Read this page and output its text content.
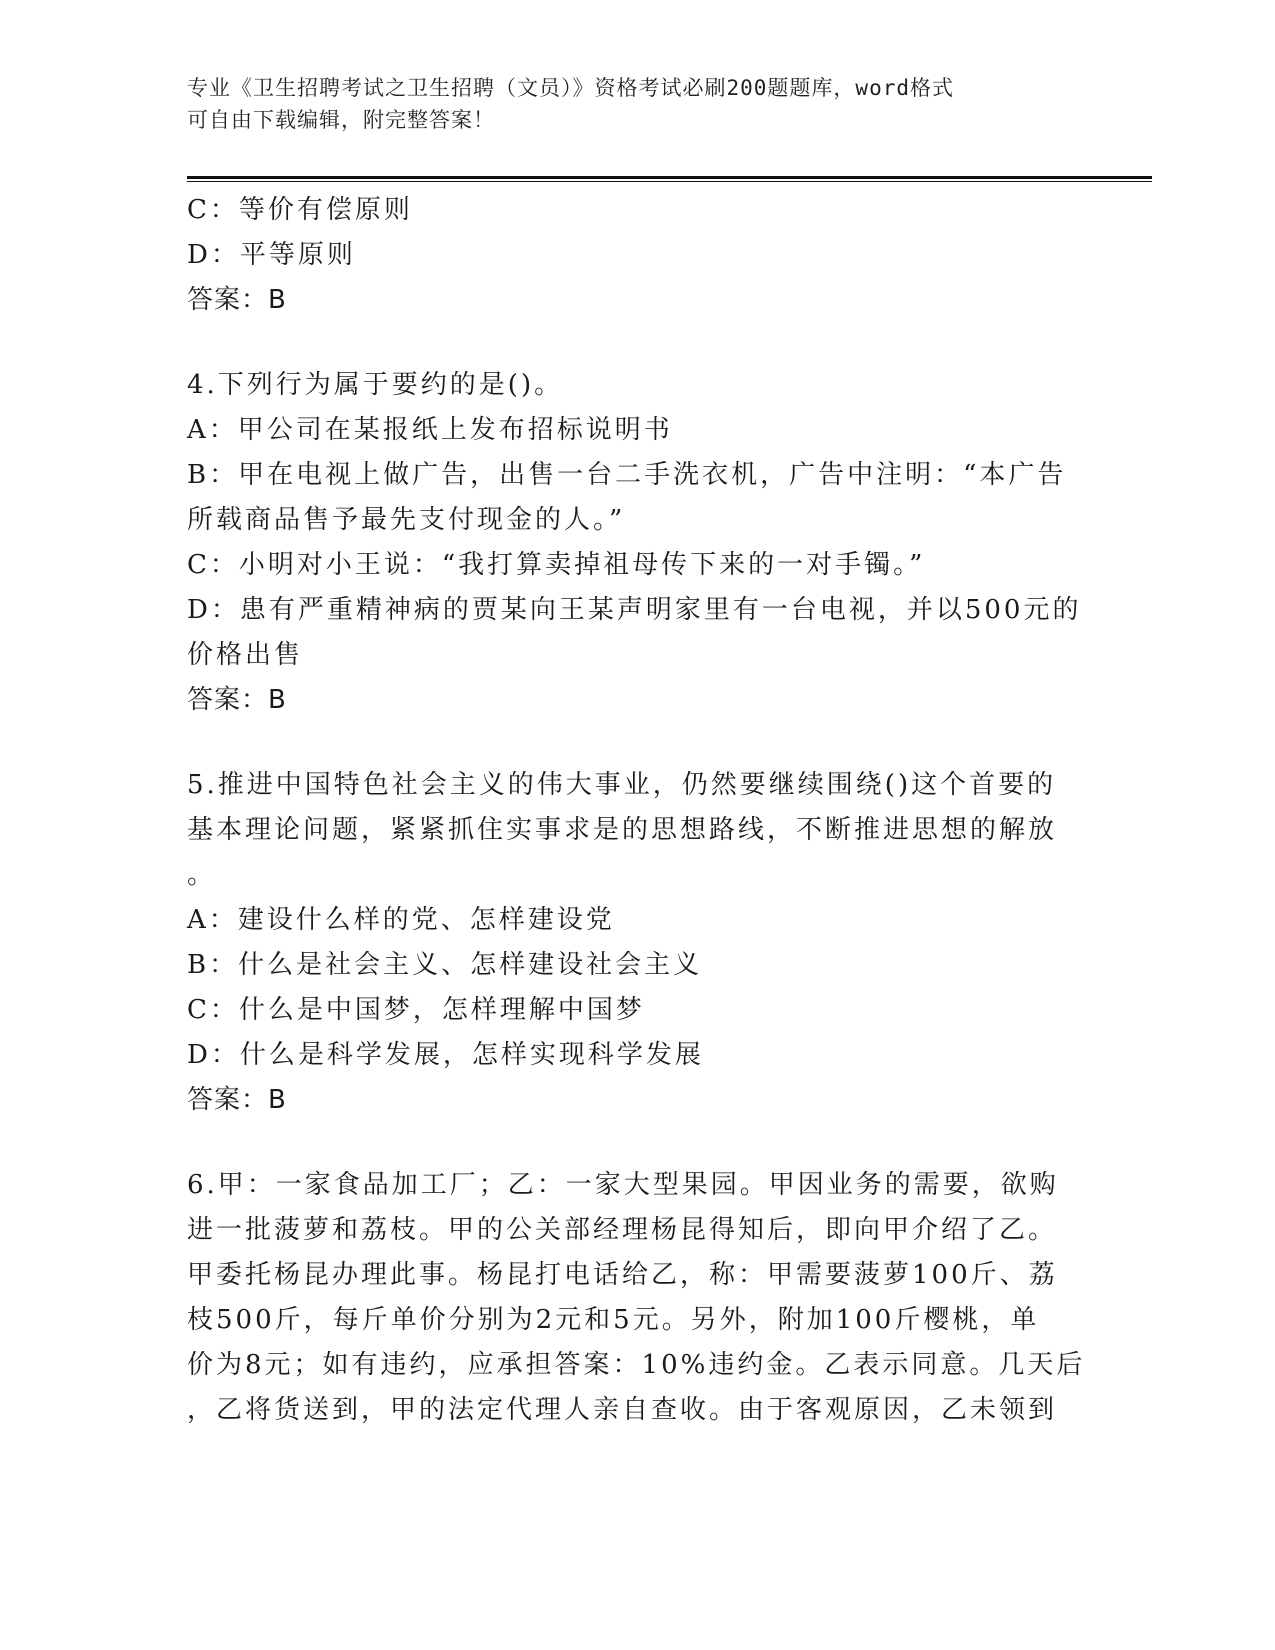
专业《卫生招聘考试之卫生招聘（文员）》资格考试必刷200题题库，word格式
可自由下载编辑，附完整答案！
C：等价有偿原则
D：平等原则
答案：B
4.下列行为属于要约的是()。
A：甲公司在某报纸上发布招标说明书
B：甲在电视上做广告，出售一台二手洗衣机，广告中注明：“本广告
所载商品售予最先支付现金的人。”
C：小明对小王说：“我打算卖掉祖母传下来的一对手镯。”
D：患有严重精神病的贾某向王某声明家里有一台电视，并以500元的
价格出售
答案：B
5.推进中国特色社会主义的伟大事业，仍然要继续围绕()这个首要的
基本理论问题，紧紧抓住实事求是的思想路线，不断推进思想的解放
。
A：建设什么样的党、怎样建设党
B：什么是社会主义、怎样建设社会主义
C：什么是中国梦，怎样理解中国梦
D：什么是科学发展，怎样实现科学发展
答案：B
6.甲：一家食品加工厂；乙：一家大型果园。甲因业务的需要，欲购
进一批菠萝和荔枝。甲的公关部经理杨昆得知后，即向甲介绍了乙。
甲委托杨昆办理此事。杨昆打电话给乙，称：甲需要菠萝100斤、荔
枝500斤，每斤单价分别为2元和5元。另外，附加100斤樱桃，单
价为8元；如有违约，应承担答案：10%违约金。乙表示同意。几天后
，乙将货送到，甲的法定代理人亲自查收。由于客观原因，乙未领到
